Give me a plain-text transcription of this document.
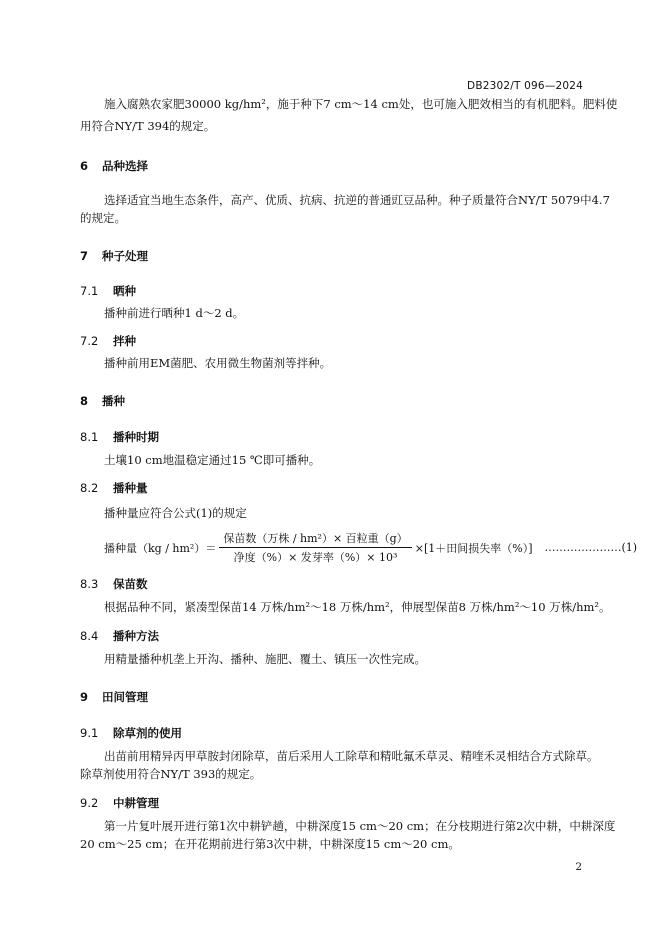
DB2302/T 096—2024
施入腐熟农家肥30000 kg/hm²，施于种下7 cm～14 cm处，也可施入肥效相当的有机肥料。肥料使
用符合NY/T 394的规定。
6 品种选择
选择适宜当地生态条件，高产、优质、抗病、抗逆的普通豇豆品种。种子质量符合NY/T 5079中4.7
的规定。
7 种子处理
7.1 晒种
播种前进行晒种1 d～2 d。
7.2 拌种
播种前用EM菌肥、农用微生物菌剂等拌种。
8 播种
8.1 播种时期
土壤10 cm地温稳定通过15 ℃即可播种。
8.2 播种量
播种量应符合公式(1)的规定
播种量$(kg / hm^2)= \frac{\text{保苗数（万株 / hm²）× 百粒重（g）}}{\text{净度（\%）× 发芽率（\%）× 10³}} \times[1+$田间损失率（%）] …………………(1)
8.3 保苗数
根据品种不同，紧凑型保苗14 万株/hm²～18 万株/hm²，伸展型保苗8 万株/hm²～10 万株/hm²。
8.4 播种方法
用精量播种机垄上开沟、播种、施肥、覆土、镇压一次性完成。
9 田间管理
9.1 除草剂的使用
出苗前用精异丙甲草胺封闭除草，苗后采用人工除草和精吡氟禾草灵、精喹禾灵相结合方式除草。
除草剂使用符合NY/T 393的规定。
9.2 中耕管理
第一片复叶展开进行第1次中耕铲趟，中耕深度15 cm～20 cm；在分枝期进行第2次中耕，中耕深度
20 cm～25 cm；在开花期前进行第3次中耕，中耕深度15 cm～20 cm。
2
